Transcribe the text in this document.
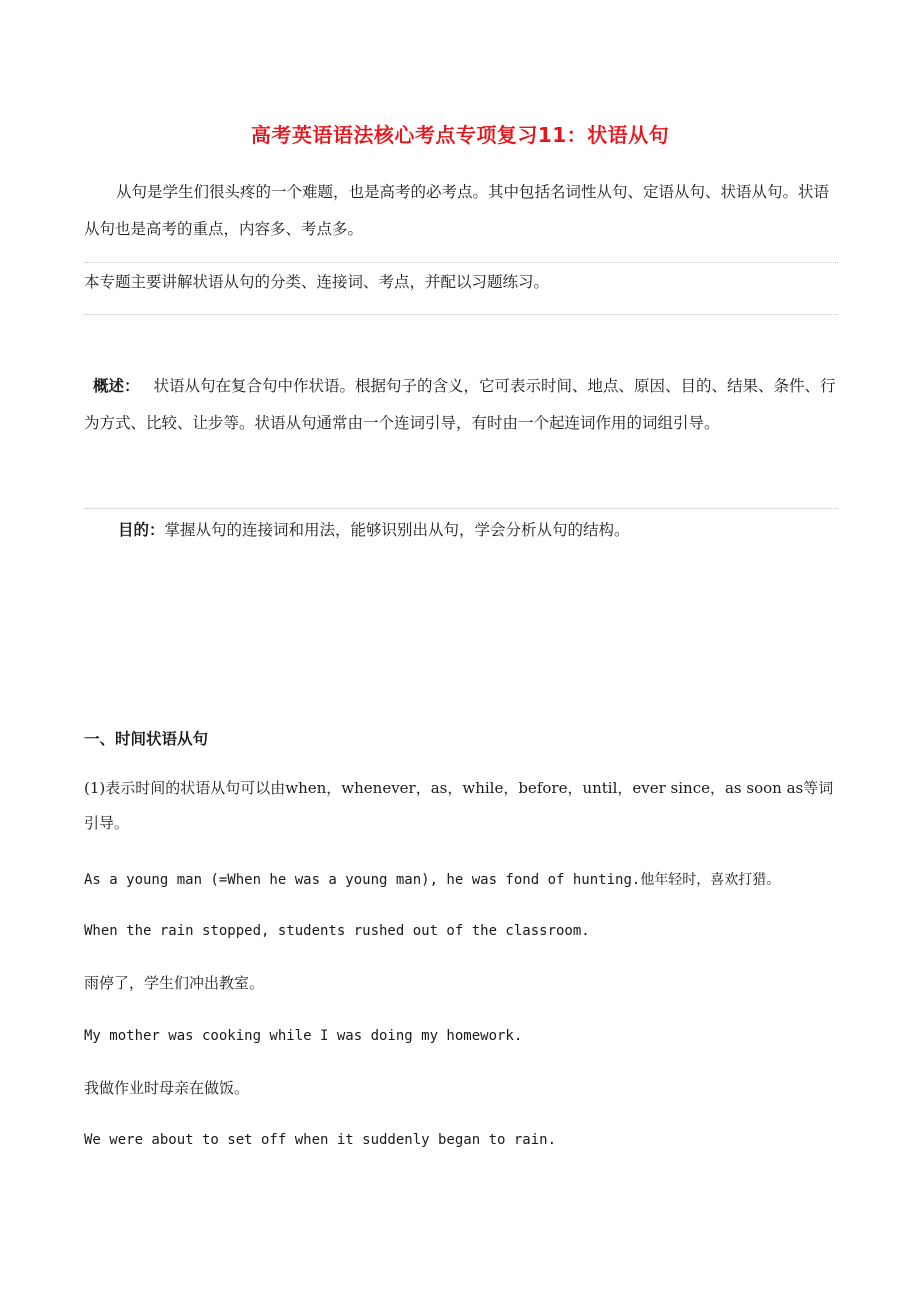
高考英语语法核心考点专项复习11：状语从句
从句是学生们很头疼的一个难题，也是高考的必考点。其中包括名词性从句、定语从句、状语从句。状语从句也是高考的重点，内容多、考点多。
本专题主要讲解状语从句的分类、连接词、考点，并配以习题练习。
概述： 状语从句在复合句中作状语。根据句子的含义，它可表示时间、地点、原因、目的、结果、条件、行为方式、比较、让步等。状语从句通常由一个连词引导，有时由一个起连词作用的词组引导。
目的：掌握从句的连接词和用法，能够识别出从句，学会分析从句的结构。
一、时间状语从句
(1)表示时间的状语从句可以由when，whenever，as，while，before，until，ever since，as soon as等词引导。
As a young man (=When he was a young man), he was fond of hunting.他年轻时，喜欢打猎。
When the rain stopped, students rushed out of the classroom.
雨停了，学生们冲出教室。
My mother was cooking while I was doing my homework.
我做作业时母亲在做饭。
We were about to set off when it suddenly began to rain.
